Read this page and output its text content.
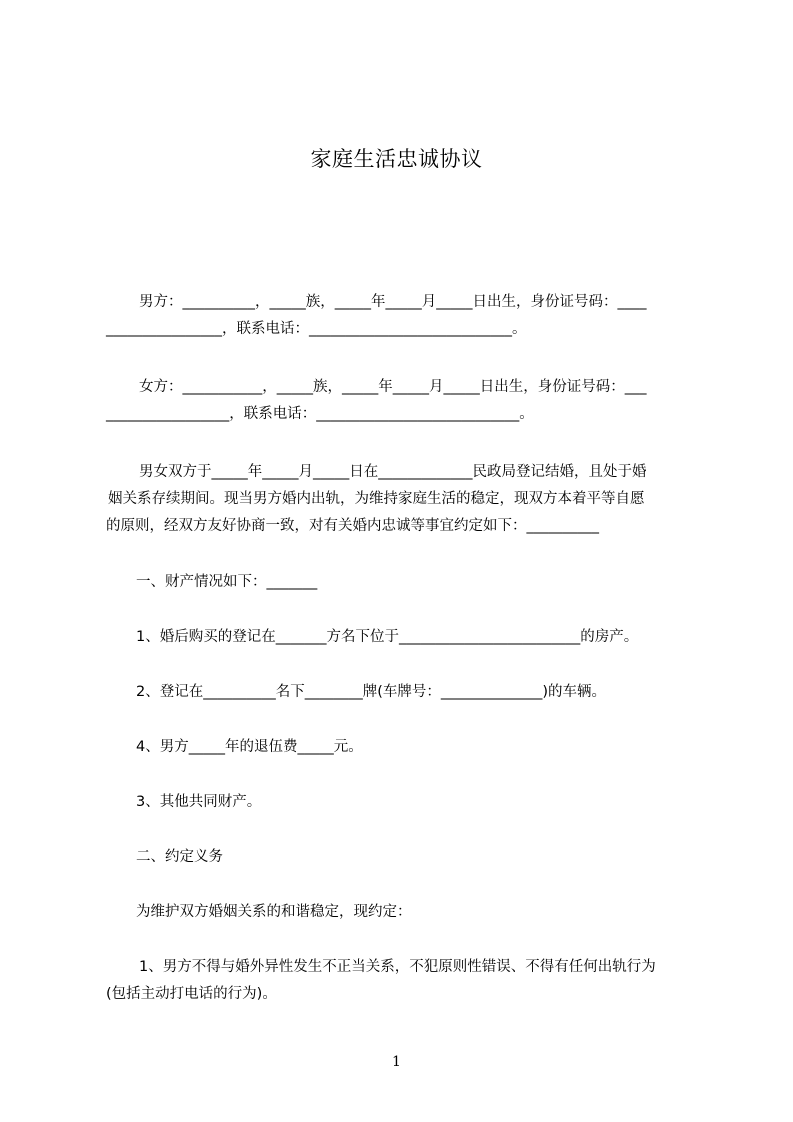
家庭生活忠诚协议

男方：__________，_____族，_____年_____月_____日出生，身份证号码：____

________________，联系电话：____________________________。

女方：___________，_____族，_____年_____月_____日出生，身份证号码：___

_________________，联系电话：____________________________。

男女双方于_____年_____月_____日在_____________民政局登记结婚，且处于婚

姻关系存续期间。现当男方婚内出轨，为维持家庭生活的稳定，现双方本着平等自愿

的原则，经双方友好协商一致，对有关婚内忠诚等事宜约定如下：__________

一、财产情况如下：_______

1、婚后购买的登记在_______方名下位于_________________________的房产。

2、登记在__________名下________牌(车牌号：______________)的车辆。

4、男方_____年的退伍费_____元。

3、其他共同财产。

二、约定义务

为维护双方婚姻关系的和谐稳定，现约定：

1、男方不得与婚外异性发生不正当关系，不犯原则性错误、不得有任何出轨行为

(包括主动打电话的行为)。

1
